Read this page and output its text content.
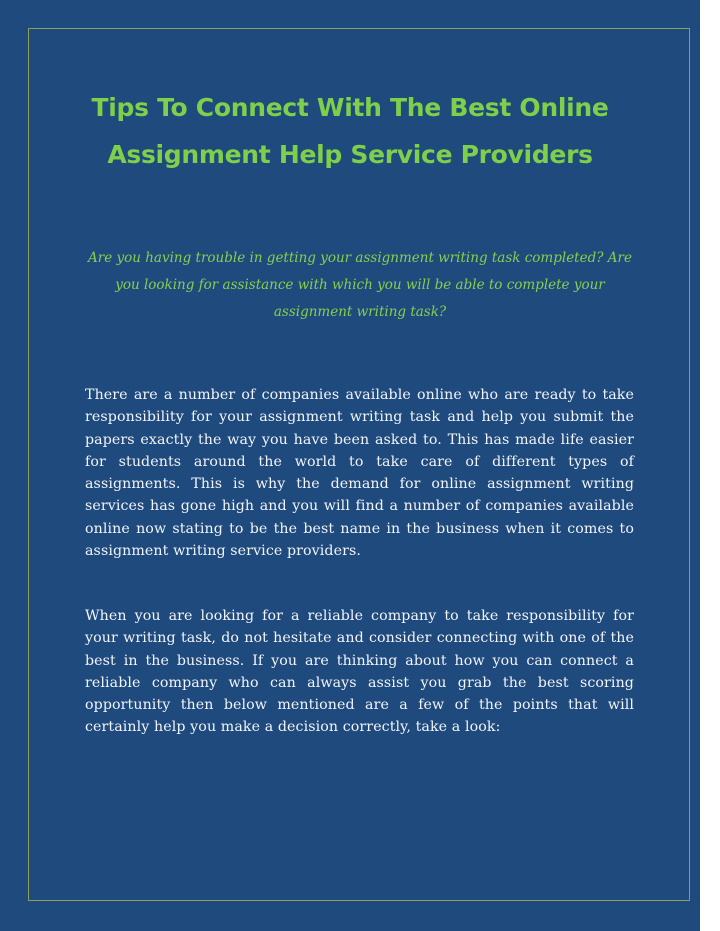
Tips To Connect With The Best Online Assignment Help Service Providers

Are you having trouble in getting your assignment writing task completed? Are you looking for assistance with which you will be able to complete your assignment writing task?

There are a number of companies available online who are ready to take responsibility for your assignment writing task and help you submit the papers exactly the way you have been asked to. This has made life easier for students around the world to take care of different types of assignments. This is why the demand for online assignment writing services has gone high and you will find a number of companies available online now stating to be the best name in the business when it comes to assignment writing service providers.

When you are looking for a reliable company to take responsibility for your writing task, do not hesitate and consider connecting with one of the best in the business. If you are thinking about how you can connect a reliable company who can always assist you grab the best scoring opportunity then below mentioned are a few of the points that will certainly help you make a decision correctly, take a look:
